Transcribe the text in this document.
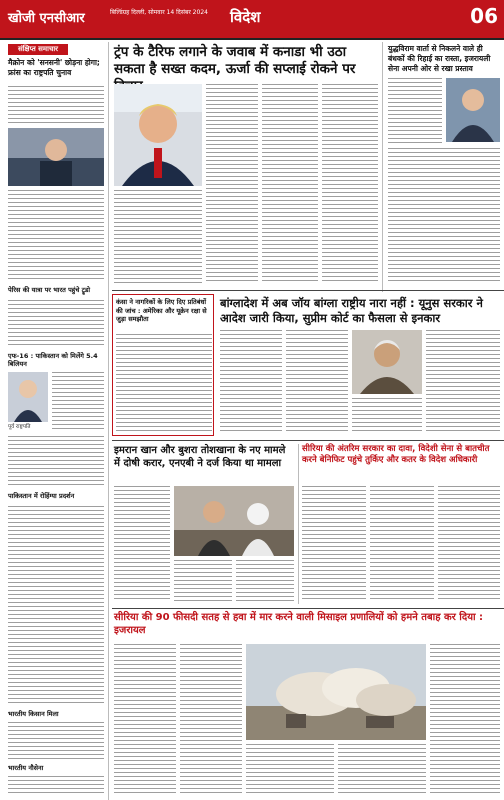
खोजी एनसीआर	बिल्डिंग्रह दिल्ली, सोमवार 14 दिसंबर 2024 विदेश	06
संक्षिप्त समाचार
मैक्रोन को 'सनसनी' छोड़ना होगा; फ्रांस का राष्ट्रपति चुनाव
पेरिस की यात्रा पर भारत पहुंचे ट्रूडो
एफ-16 : पाकिस्तान को मिलेंगे 5.4 बिलियन
पूर्व राष्ट्रपति
पाकिस्तान में रोहिंग्या प्रदर्शन
भारतीय किसान मिला
भारतीय नौसेना
ट्रंप के टैरिफ लगाने के जवाब में कनाडा भी उठा सकता है सख्त कदम, ऊर्जा की सप्लाई रोकने पर
युद्धविराम वार्ता से निकलने वाले ही बंधकों की रिहाई का रास्ता, इजरायली सेना अपनी ओर से रखा प्रस्ताव
कंसा ने नागरिकों के लिए दिए प्रतिबंधों की जांच : अमेरिका और यूक्रेन रक्षा से जुड़ा समझौता
बांग्लादेश में अब जॉय बांग्ला राष्ट्रीय नारा नहीं : यूनुस सरकार ने आदेश जारी किया, सुप्रीम कोर्ट का फैसला से इनकार
इमरान खान और बुशरा तोशखाना के नए मामले में दोषी करार, एनएबी ने दर्ज किया था मामला
सीरिया की अंतरिम सरकार का दावा, विदेशी सेना से बातचीत करने बेनिफिट पहुंचे तुर्किए और कतर के विदेश अधिकारी
सीरिया की 90 फीसदी सतह से हवा में मार करने वाली मिसाइल प्रणालियों को हमने तबाह कर दिया : इजरायल
